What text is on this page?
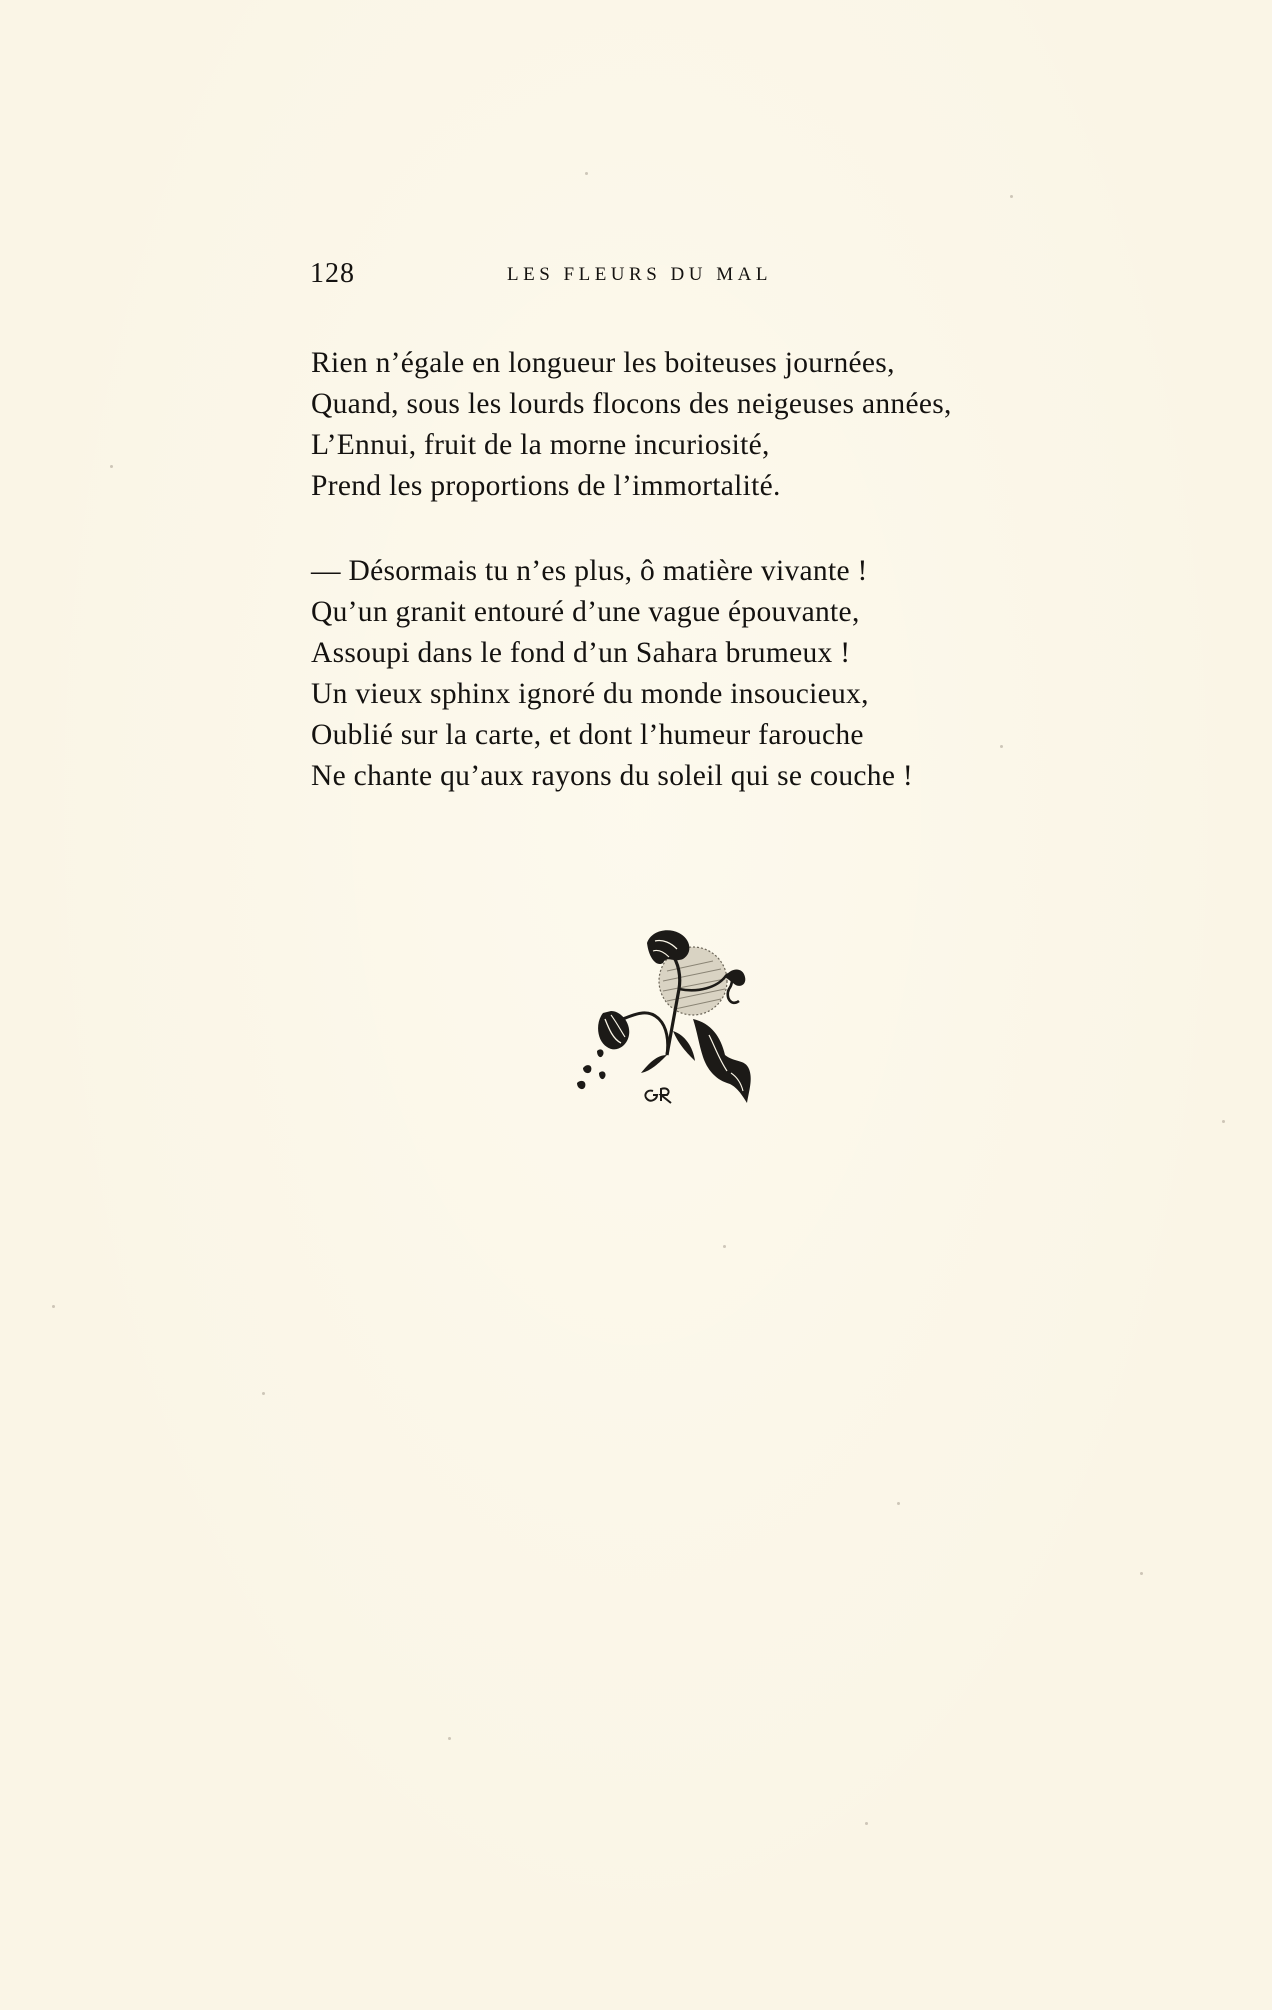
128	LES FLEURS DU MAL
Rien n’égale en longueur les boiteuses journées,
Quand, sous les lourds flocons des neigeuses années,
L’Ennui, fruit de la morne incuriosité,
Prend les proportions de l’immortalité.
— Désormais tu n’es plus, ô matière vivante !
Qu’un granit entouré d’une vague épouvante,
Assoupi dans le fond d’un Sahara brumeux !
Un vieux sphinx ignoré du monde insoucieux,
Oublié sur la carte, et dont l’humeur farouche
Ne chante qu’aux rayons du soleil qui se couche !
